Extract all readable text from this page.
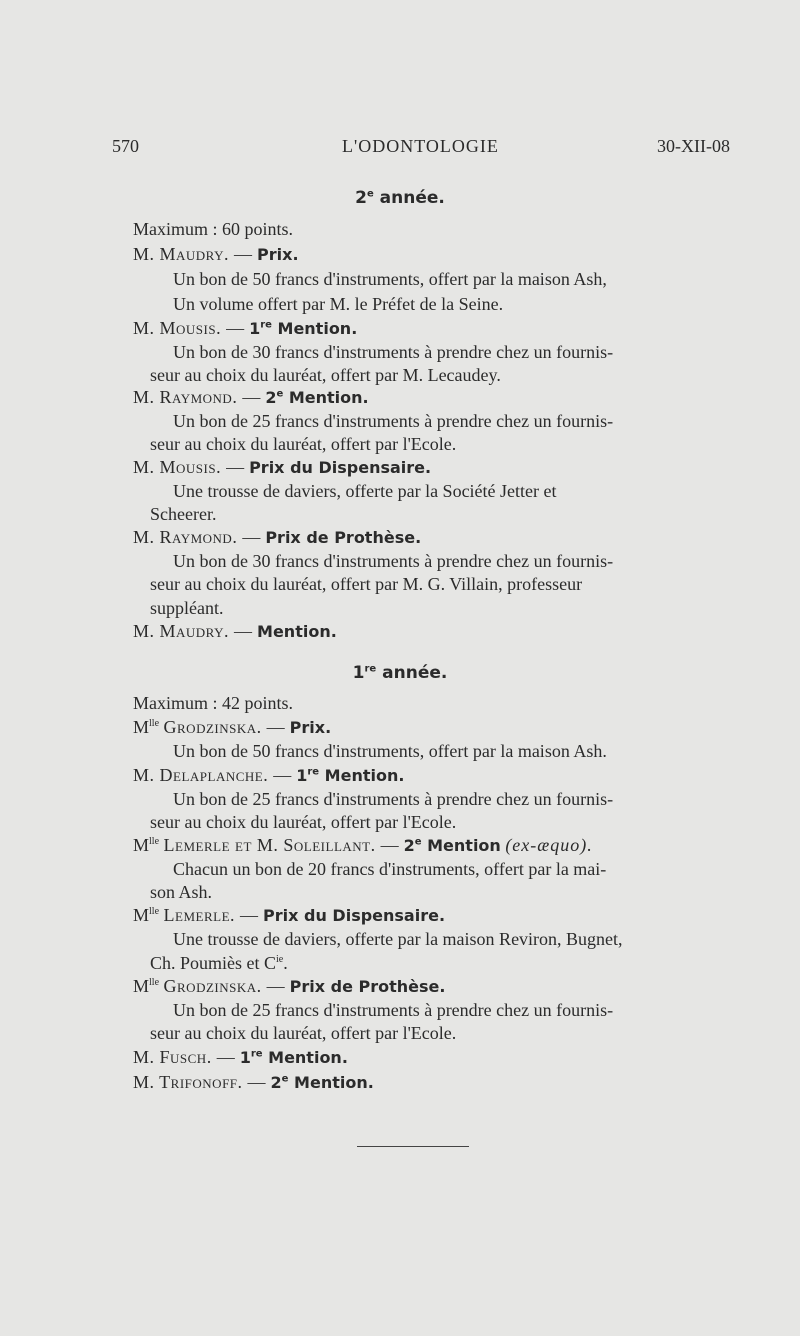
570	L'ODONTOLOGIE	30-XII-08
2e année.
Maximum : 60 points.
M. Maudry. — Prix.
Un bon de 50 francs d'instruments, offert par la maison Ash,
Un volume offert par M. le Préfet de la Seine.
M. Mousis. — 1re Mention.
Un bon de 30 francs d'instruments à prendre chez un fournis-
seur au choix du lauréat, offert par M. Lecaudey.
M. Raymond. — 2e Mention.
Un bon de 25 francs d'instruments à prendre chez un fournis-
seur au choix du lauréat, offert par l'Ecole.
M. Mousis. — Prix du Dispensaire.
Une trousse de daviers, offerte par la Société Jetter et
Scheerer.
M. Raymond. — Prix de Prothèse.
Un bon de 30 francs d'instruments à prendre chez un fournis-
seur au choix du lauréat, offert par M. G. Villain, professeur
suppléant.
M. Maudry. — Mention.
1re année.
Maximum : 42 points.
$M^{lle}$ Grodzinska. — Prix.
Un bon de 50 francs d'instruments, offert par la maison Ash.
M. Delaplanche. — 1re Mention.
Un bon de 25 francs d'instruments à prendre chez un fournis-
seur au choix du lauréat, offert par l'Ecole.
$M^{lle}$ Lemerle et M. Soleillant. — 2e Mention (ex-æquo).
Chacun un bon de 20 francs d'instruments, offert par la mai-
son Ash.
$M^{lle}$ Lemerle. — Prix du Dispensaire.
Une trousse de daviers, offerte par la maison Reviron, Bugnet,
Ch. Poumiès et $C^{ie}$.
$M^{lle}$ Grodzinska. — Prix de Prothèse.
Un bon de 25 francs d'instruments à prendre chez un fournis-
seur au choix du lauréat, offert par l'Ecole.
M. Fusch. — 1re Mention.
M. Trifonoff. — 2e Mention.
